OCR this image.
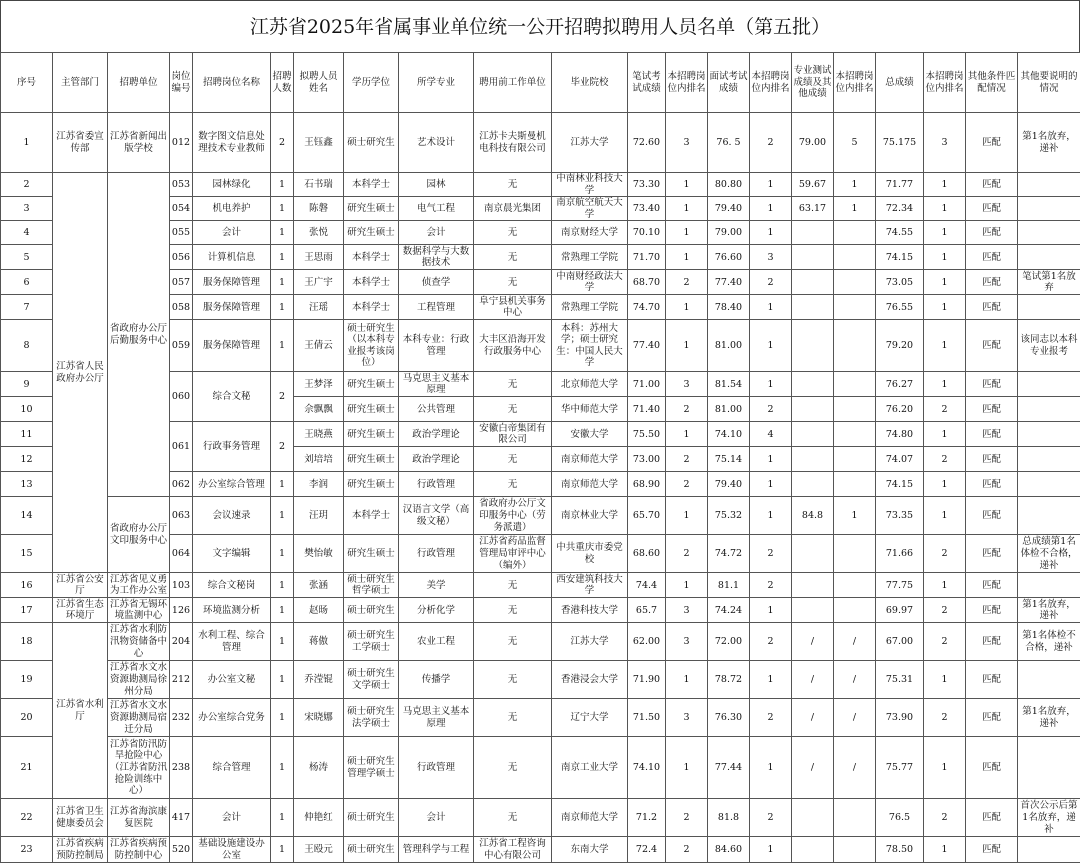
江苏省2025年省属事业单位统一公开招聘拟聘用人员名单（第五批）
序号	主管部门	招聘单位	岗位编号	招聘岗位名称	招聘人数	拟聘人员姓名	学历学位	所学专业	聘用前工作单位	毕业院校	笔试考试成绩	本招聘岗位内排名	面试考试成绩	本招聘岗位内排名	专业测试成绩及其他成绩	本招聘岗位内排名	总成绩	本招聘岗位内排名	其他条件匹配情况	其他要说明的情况
1	江苏省委宣传部	江苏省新闻出版学校	012	数字图文信息处理技术专业教师	2	王钰鑫	硕士研究生	艺术设计	江苏卡夫斯曼机电科技有限公司	江苏大学	72.60	3	76. 5	2	79.00	5	75.175	3	匹配	第1名放弃，递补
2	江苏省人民政府办公厅	省政府办公厅后勤服务中心	053	园林绿化	1	石书瑞	本科学士	园林	无	中南林业科技大学	73.30	1	80.80	1	59.67	1	71.77	1	匹配	
3			054	机电养护	1	陈磐	研究生硕士	电气工程	南京晨光集团	南京航空航天大学	73.40	1	79.40	1	63.17	1	72.34	1	匹配	
4			055	会计	1	张悦	研究生硕士	会计	无	南京财经大学	70.10	1	79.00	1			74.55	1	匹配	
5			056	计算机信息	1	王思雨	本科学士	数据科学与大数据技术	无	常熟理工学院	71.70	1	76.60	3			74.15	1	匹配	
6			057	服务保障管理	1	王广宇	本科学士	侦查学	无	中南财经政法大学	68.70	2	77.40	2			73.05	1	匹配	笔试第1名放弃
7			058	服务保障管理	1	汪瑶	本科学士	工程管理	阜宁县机关事务中心	常熟理工学院	74.70	1	78.40	1			76.55	1	匹配	
8			059	服务保障管理	1	王倩云	硕士研究生（以本科专业报考该岗位）	本科专业：行政管理	大丰区沿海开发行政服务中心	本科：苏州大学；硕士研究生：中国人民大学	77.40	1	81.00	1			79.20	1	匹配	该同志以本科专业报考
9			060	综合文秘	2	王梦泽	研究生硕士	马克思主义基本原理	无	北京师范大学	71.00	3	81.54	1			76.27	1	匹配	
10						佘飘飘	研究生硕士	公共管理	无	华中师范大学	71.40	2	81.00	2			76.20	2	匹配	
11			061	行政事务管理	2	王晓燕	研究生硕士	政治学理论	安徽白帝集团有限公司	安徽大学	75.50	1	74.10	4			74.80	1	匹配	
12						刘培培	研究生硕士	政治学理论	无	南京师范大学	73.00	2	75.14	1			74.07	2	匹配	
13			062	办公室综合管理	1	李润	研究生硕士	行政管理	无	南京师范大学	68.90	2	79.40	1			74.15	1	匹配	
14		省政府办公厅文印服务中心	063	会议速录	1	汪玥	本科学士	汉语言文学（高级文秘）	省政府办公厅文印服务中心（劳务派遣）	南京林业大学	65.70	1	75.32	1	84.8	1	73.35	1	匹配	
15			064	文字编辑	1	樊怡敏	研究生硕士	行政管理	江苏省药品监督管理局审评中心（编外）	中共重庆市委党校	68.60	2	74.72	2			71.66	2	匹配	总成绩第1名体检不合格，递补
16	江苏省公安厅	江苏省见义勇为工作办公室	103	综合文秘岗	1	张涵	硕士研究生哲学硕士	美学	无	西安建筑科技大学	74.4	1	81.1	2			77.75	1	匹配	
17	江苏省生态环境厅	江苏省无锡环境监测中心	126	环境监测分析	1	赵旸	硕士研究生	分析化学	无	香港科技大学	65.7	3	74.24	1			69.97	2	匹配	第1名放弃，递补
18	江苏省水利厅	江苏省水利防汛物资储备中心	204	水利工程、综合管理	1	蒋傲	硕士研究生工学硕士	农业工程	无	江苏大学	62.00	3	72.00	2	/	/	67.00	2	匹配	第1名体检不合格，递补
19		江苏省水文水资源勘测局徐州分局	212	办公室文秘	1	乔滢锟	硕士研究生文学硕士	传播学	无	香港浸会大学	71.90	1	78.72	1	/	/	75.31	1	匹配	
20		江苏省水文水资源勘测局宿迁分局	232	办公室综合党务	1	宋晓娜	硕士研究生法学硕士	马克思主义基本原理	无	辽宁大学	71.50	3	76.30	2	/	/	73.90	2	匹配	第1名放弃，递补
21		江苏省防汛防旱抢险中心（江苏省防汛抢险训练中心）	238	综合管理	1	杨涛	硕士研究生管理学硕士	行政管理	无	南京工业大学	74.10	1	77.44	1	/	/	75.77	1	匹配	
22	江苏省卫生健康委员会	江苏省海滨康复医院	417	会计	1	仲艳红	硕士研究生	会计	无	南京师范大学	71.2	2	81.8	2			76.5	2	匹配	首次公示后第1名放弃，递补
23	江苏省疾病预防控制局	江苏省疾病预防控制中心	520	基础设施建设办公室	1	王殴元	硕士研究生	管理科学与工程	江苏省工程咨询中心有限公司	东南大学	72.4	2	84.60	1			78.50	1	匹配	
